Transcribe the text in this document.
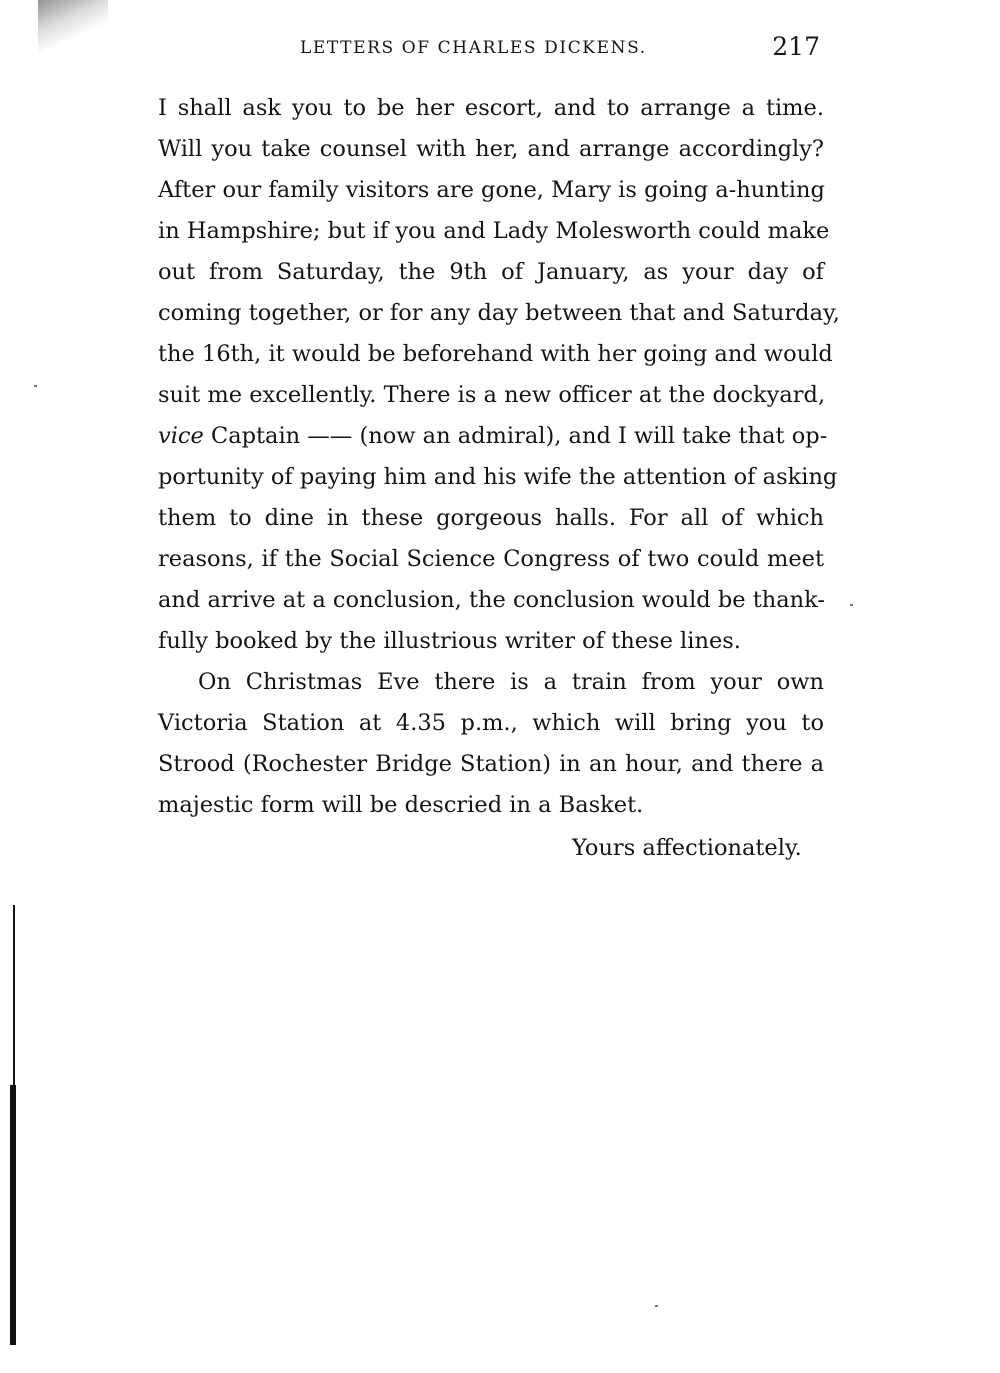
LETTERS OF CHARLES DICKENS.	217
I shall ask you to be her escort, and to arrange a time.
Will you take counsel with her, and arrange accordingly?
After our family visitors are gone, Mary is going a-hunting
in Hampshire; but if you and Lady Molesworth could make
out from Saturday, the 9th of January, as your day of
coming together, or for any day between that and Saturday,
the 16th, it would be beforehand with her going and would
suit me excellently. There is a new officer at the dockyard,
vice Captain —— (now an admiral), and I will take that op-
portunity of paying him and his wife the attention of asking
them to dine in these gorgeous halls. For all of which
reasons, if the Social Science Congress of two could meet
and arrive at a conclusion, the conclusion would be thank-
fully booked by the illustrious writer of these lines.
On Christmas Eve there is a train from your own
Victoria Station at 4.35 p.m., which will bring you to
Strood (Rochester Bridge Station) in an hour, and there a
majestic form will be descried in a Basket.
Yours affectionately.
